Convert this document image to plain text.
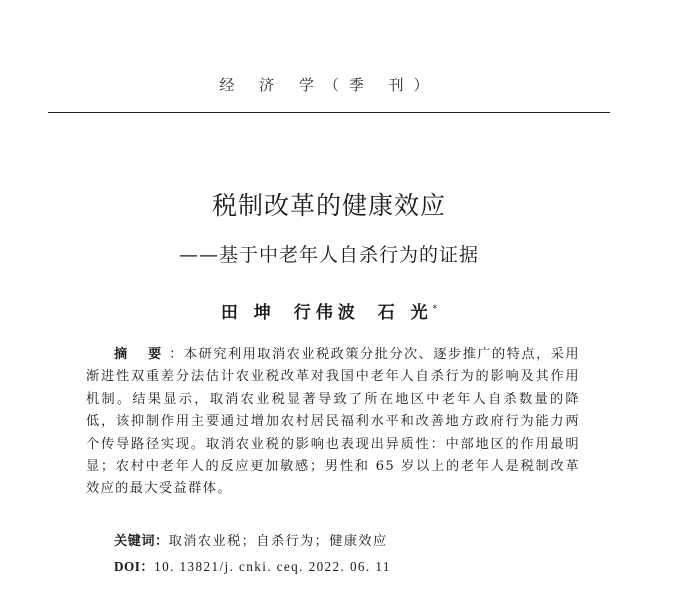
经 济 学（季 刊）
税制改革的健康效应
——基于中老年人自杀行为的证据
田 坤 行伟波 石 光*
摘 要：本研究利用取消农业税政策分批分次、逐步推广的特点，采用渐进性双重差分法估计农业税改革对我国中老年人自杀行为的影响及其作用机制。结果显示，取消农业税显著导致了所在地区中老年人自杀数量的降低，该抑制作用主要通过增加农村居民福利水平和改善地方政府行为能力两个传导路径实现。取消农业税的影响也表现出异质性：中部地区的作用最明显；农村中老年人的反应更加敏感；男性和 65 岁以上的老年人是税制改革效应的最大受益群体。
关键词：取消农业税；自杀行为；健康效应
DOI：10. 13821/j. cnki. ceq. 2022. 06. 11
